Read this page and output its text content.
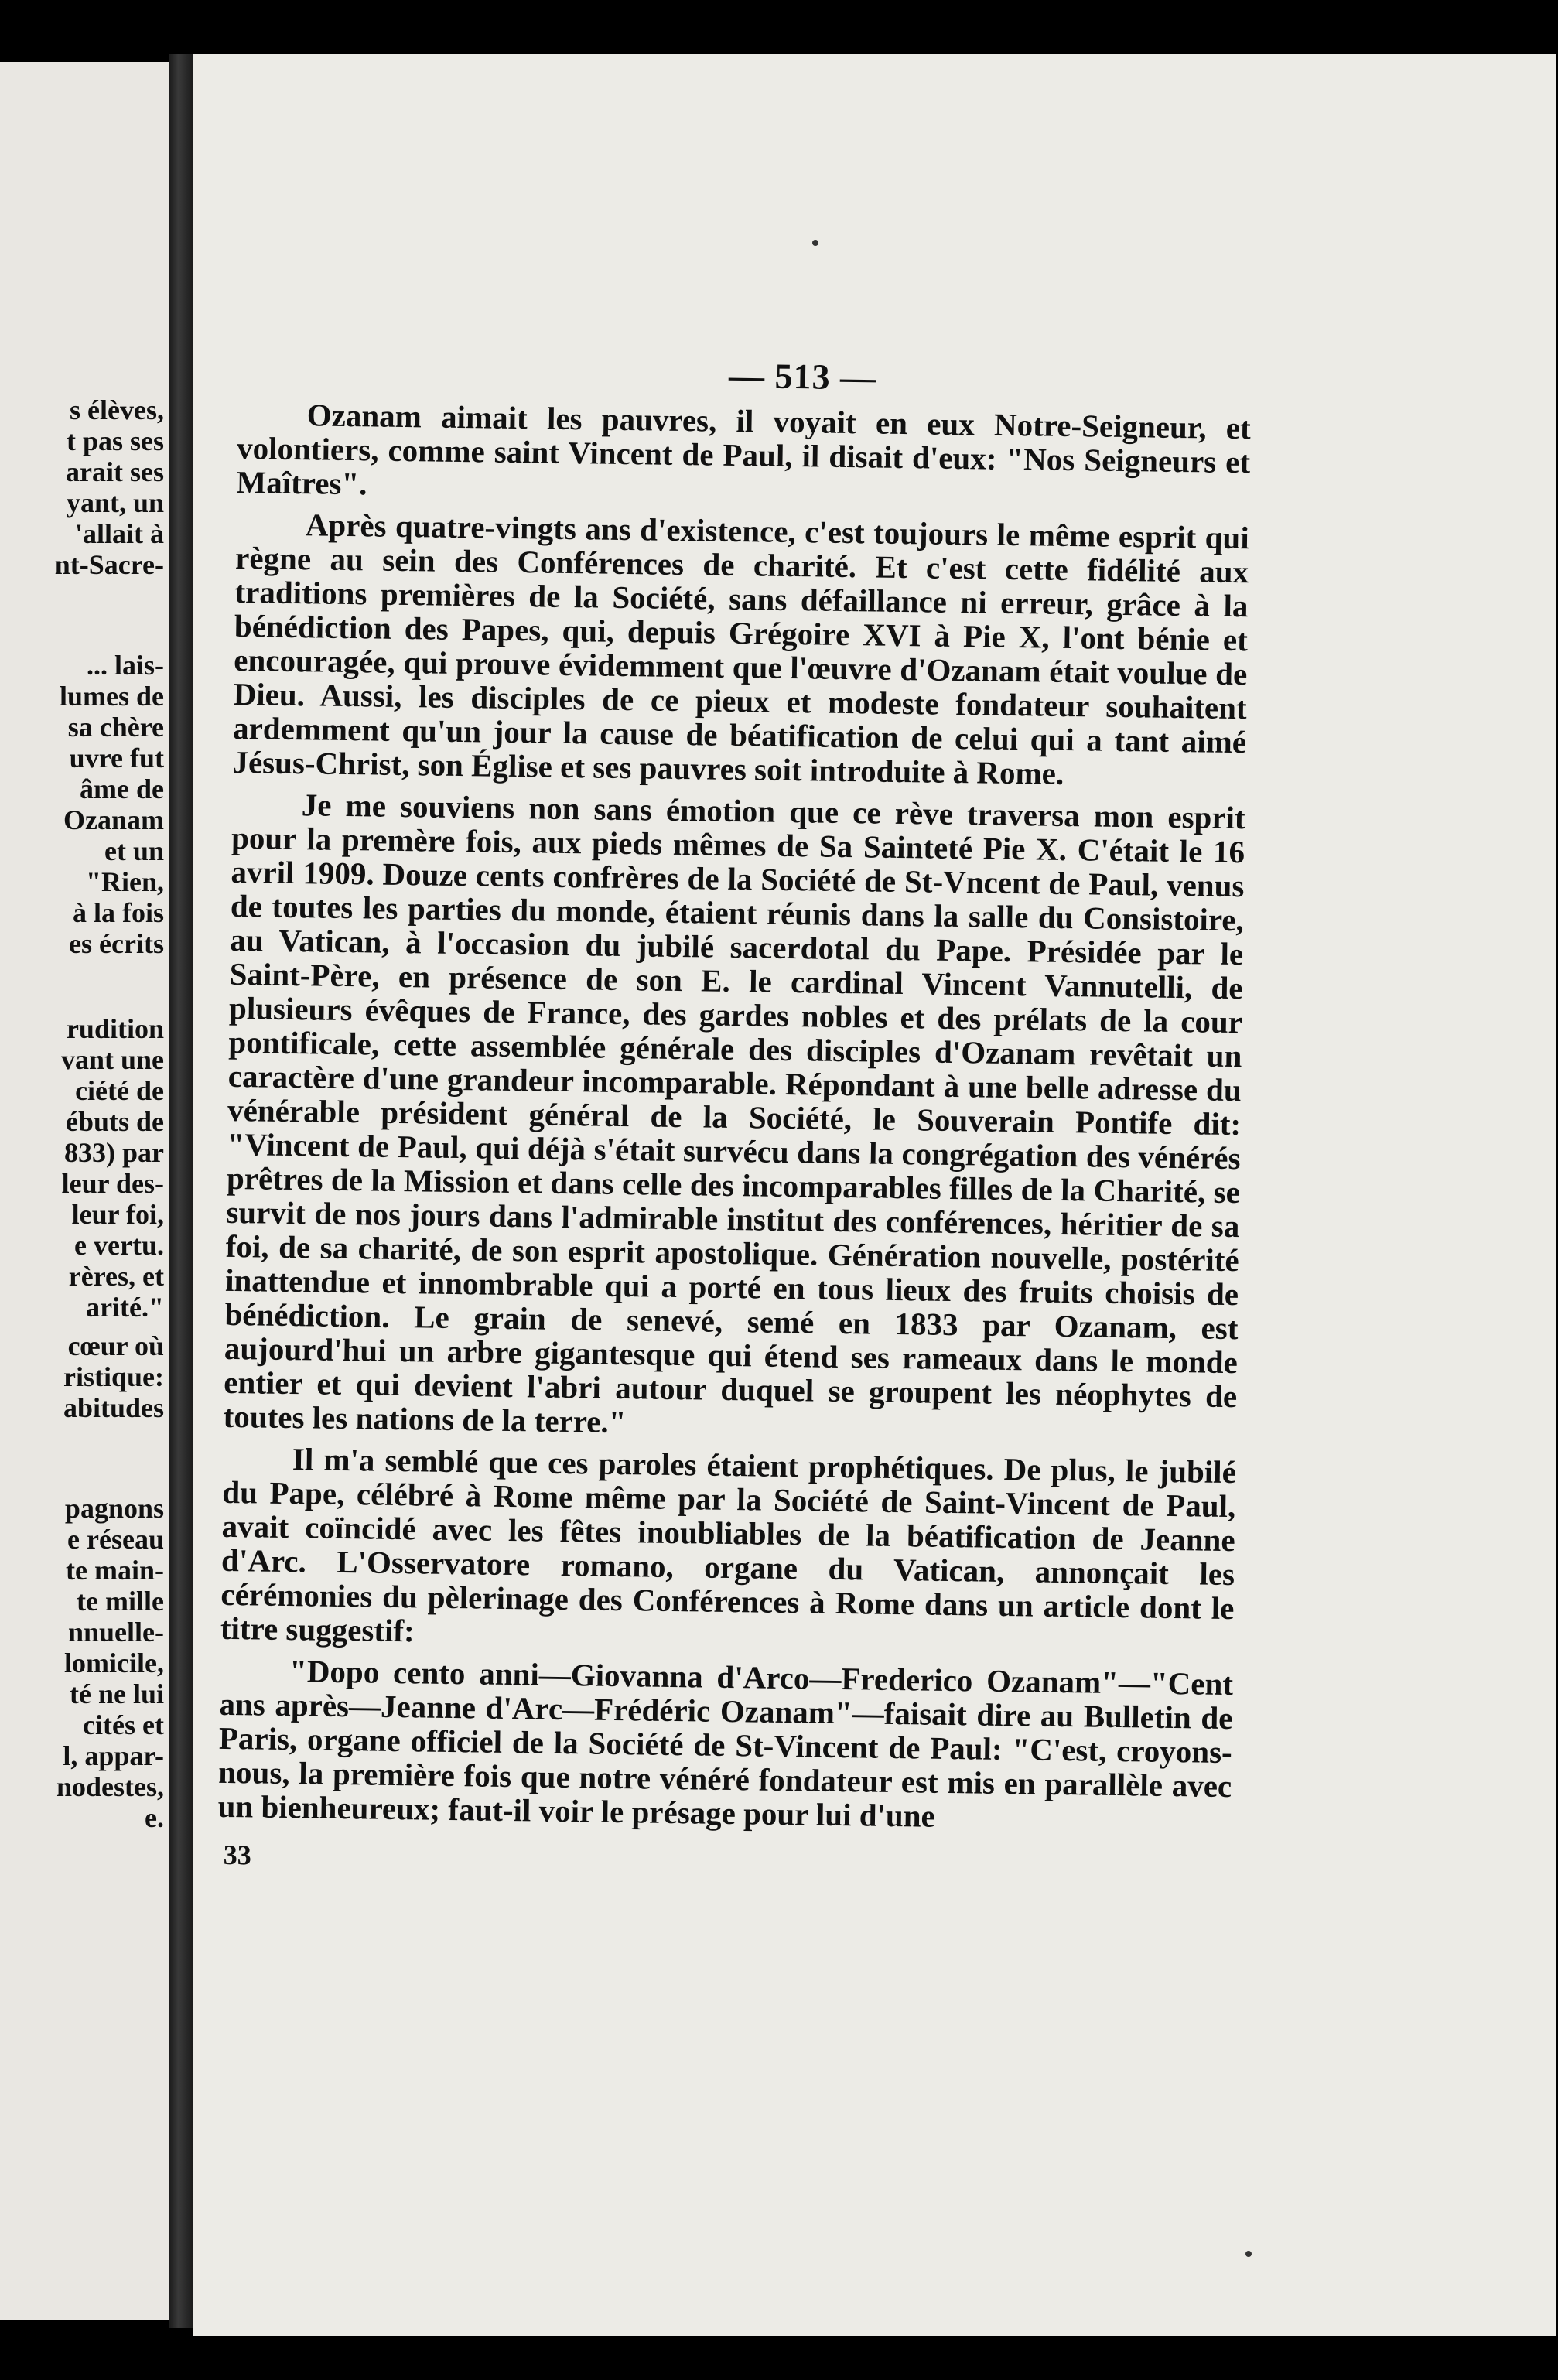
s élèves,
t pas ses
arait ses
yant, un
'allait à
nt-Sacre-
... lais-
lumes de
sa chère
uvre fut
âme de
Ozanam
et un
"Rien,
à la fois
es écrits
rudition
vant une
ciété de
ébuts de
833) par
leur des-
leur foi,
e vertu.
rères, et
arité."
cœur où
ristique:
abitudes
pagnons
e réseau
te main-
te mille
nnuelle-
lomicile,
té ne lui
cités et
l, appar-
nodestes,
e.
— 513 —

Ozanam aimait les pauvres, il voyait en eux Notre-Seigneur, et volontiers, comme saint Vincent de Paul, il disait d'eux: "Nos Seigneurs et Maîtres".

Après quatre-vingts ans d'existence, c'est toujours le même esprit qui règne au sein des Conférences de charité. Et c'est cette fidélité aux traditions premières de la Société, sans défaillance ni erreur, grâce à la bénédiction des Papes, qui, depuis Grégoire XVI à Pie X, l'ont bénie et encouragée, qui prouve évidemment que l'œuvre d'Ozanam était voulue de Dieu. Aussi, les disciples de ce pieux et modeste fondateur souhaitent ardemment qu'un jour la cause de béatification de celui qui a tant aimé Jésus-Christ, son Église et ses pauvres soit introduite à Rome.

Je me souviens non sans émotion que ce rève traversa mon esprit pour la premère fois, aux pieds mêmes de Sa Sainteté Pie X. C'était le 16 avril 1909. Douze cents confrères de la Société de St-Vncent de Paul, venus de toutes les parties du monde, étaient réunis dans la salle du Consistoire, au Vatican, à l'occasion du jubilé sacerdotal du Pape. Présidée par le Saint-Père, en présence de son E. le cardinal Vincent Vannutelli, de plusieurs évêques de France, des gardes nobles et des prélats de la cour pontificale, cette assemblée générale des disciples d'Ozanam revêtait un caractère d'une grandeur incomparable. Répondant à une belle adresse du vénérable président général de la Société, le Souverain Pontife dit: "Vincent de Paul, qui déjà s'était survécu dans la congrégation des vénérés prêtres de la Mission et dans celle des incomparables filles de la Charité, se survit de nos jours dans l'admirable institut des conférences, héritier de sa foi, de sa charité, de son esprit apostolique. Génération nouvelle, postérité inattendue et innombrable qui a porté en tous lieux des fruits choisis de bénédiction. Le grain de senevé, semé en 1833 par Ozanam, est aujourd'hui un arbre gigantesque qui étend ses rameaux dans le monde entier et qui devient l'abri autour duquel se groupent les néophytes de toutes les nations de la terre."

Il m'a semblé que ces paroles étaient prophétiques. De plus, le jubilé du Pape, célébré à Rome même par la Société de Saint-Vincent de Paul, avait coïncidé avec les fêtes inoubliables de la béatification de Jeanne d'Arc. L'Osservatore romano, organe du Vatican, annonçait les cérémonies du pèlerinage des Conférences à Rome dans un article dont le titre suggestif:

"Dopo cento anni—Giovanna d'Arco—Frederico Ozanam"—"Cent ans après—Jeanne d'Arc—Frédéric Ozanam"—faisait dire au Bulletin de Paris, organe officiel de la Société de St-Vincent de Paul: "C'est, croyons-nous, la première fois que notre vénéré fondateur est mis en parallèle avec un bienheureux; faut-il voir le présage pour lui d'une

33
